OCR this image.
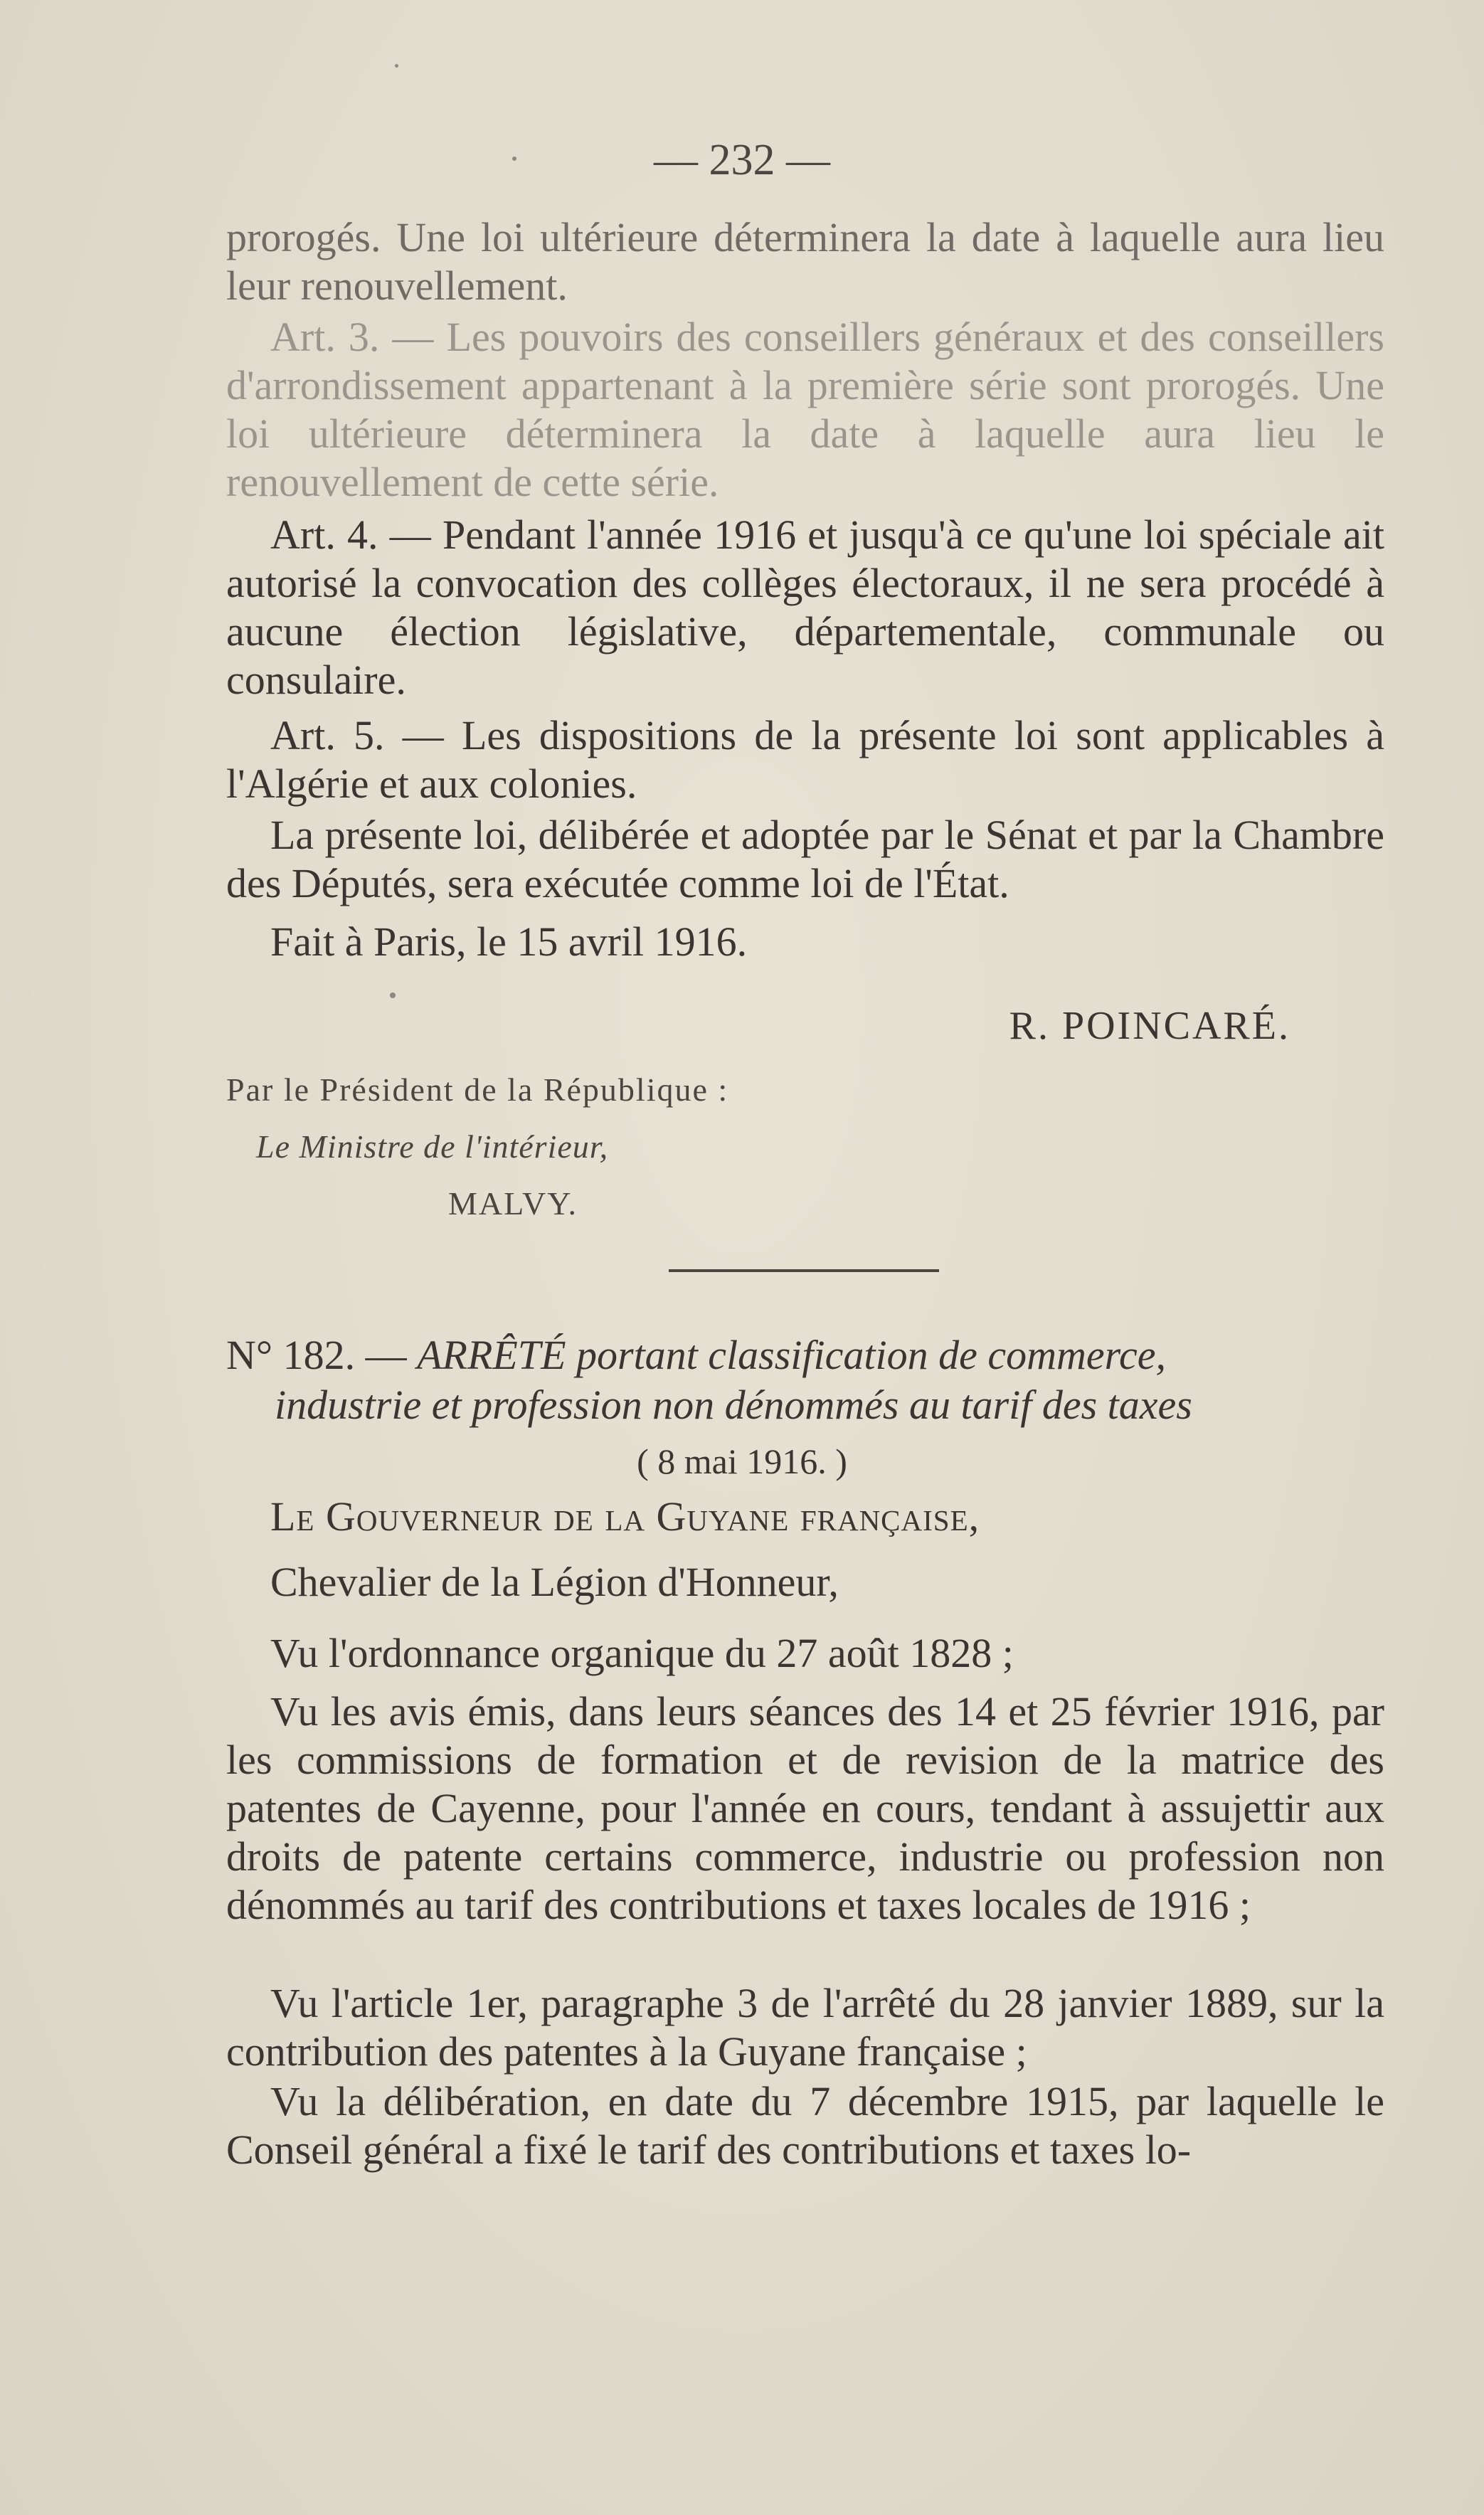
— 232 —

prorogés. Une loi ultérieure déterminera la date à laquelle aura lieu leur renouvellement.

Art. 3. — Les pouvoirs des conseillers généraux et des conseillers d'arrondissement appartenant à la première série sont prorogés. Une loi ultérieure déterminera la date à laquelle aura lieu le renouvellement de cette série.

Art. 4. — Pendant l'année 1916 et jusqu'à ce qu'une loi spéciale ait autorisé la convocation des collèges électoraux, il ne sera procédé à aucune élection législative, départementale, communale ou consulaire.

Art. 5. — Les dispositions de la présente loi sont applicables à l'Algérie et aux colonies.

La présente loi, délibérée et adoptée par le Sénat et par la Chambre des Députés, sera exécutée comme loi de l'État.

Fait à Paris, le 15 avril 1916.

R. POINCARÉ.
Par le Président de la République :
Le Ministre de l'intérieur,
MALVY.
N° 182. — ARRÊTÉ portant classification de commerce,
industrie et profession non dénommés au tarif des taxes
( 8 mai 1916. )

Le Gouverneur de la Guyane française,

Chevalier de la Légion d'Honneur,

Vu l'ordonnance organique du 27 août 1828 ;

Vu les avis émis, dans leurs séances des 14 et 25 février 1916, par les commissions de formation et de revision de la matrice des patentes de Cayenne, pour l'année en cours, tendant à assujettir aux droits de patente certains commerce, industrie ou profession non dénommés au tarif des contributions et taxes locales de 1916 ;

Vu l'article 1er, paragraphe 3 de l'arrêté du 28 janvier 1889, sur la contribution des patentes à la Guyane française ;

Vu la délibération, en date du 7 décembre 1915, par laquelle le Conseil général a fixé le tarif des contributions et taxes lo-
